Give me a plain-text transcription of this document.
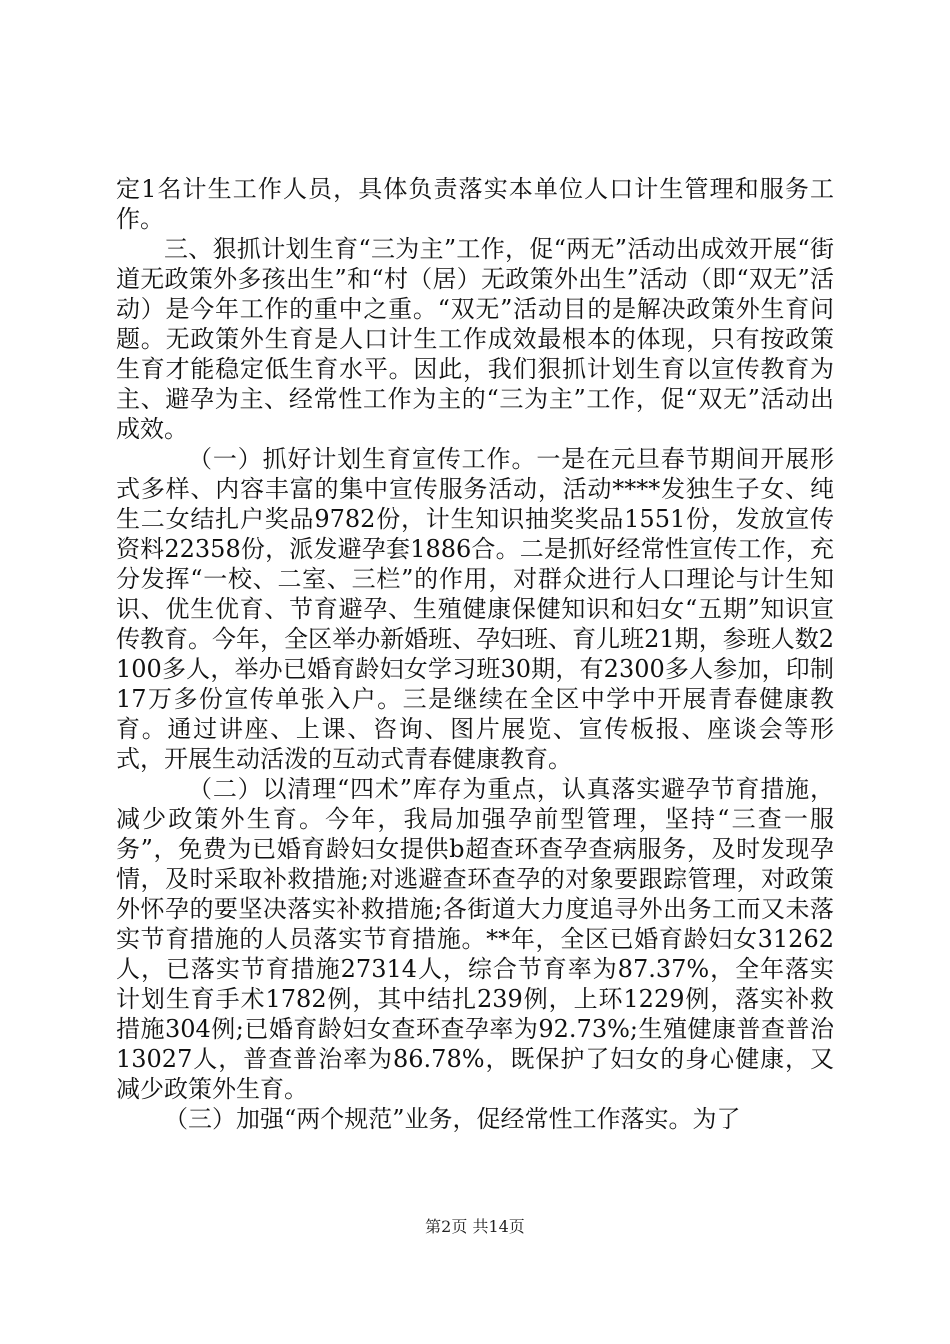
定1名计生工作人员，具体负责落实本单位人口计生管理和服务工作。

三、狠抓计划生育“三为主”工作，促“两无”活动出成效开展“街道无政策外多孩出生”和“村（居）无政策外出生”活动（即“双无”活动）是今年工作的重中之重。“双无”活动目的是解决政策外生育问题。无政策外生育是人口计生工作成效最根本的体现，只有按政策生育才能稳定低生育水平。因此，我们狠抓计划生育以宣传教育为主、避孕为主、经常性工作为主的“三为主”工作，促“双无”活动出成效。

（一）抓好计划生育宣传工作。一是在元旦春节期间开展形式多样、内容丰富的集中宣传服务活动，活动****发独生子女、纯生二女结扎户奖品9782份，计生知识抽奖奖品1551份，发放宣传资料22358份，派发避孕套1886合。二是抓好经常性宣传工作，充分发挥“一校、二室、三栏”的作用，对群众进行人口理论与计生知识、优生优育、节育避孕、生殖健康保健知识和妇女“五期”知识宣传教育。今年，全区举办新婚班、孕妇班、育儿班21期，参班人数2100多人，举办已婚育龄妇女学习班30期，有2300多人参加，印制17万多份宣传单张入户。三是继续在全区中学中开展青春健康教育。通过讲座、上课、咨询、图片展览、宣传板报、座谈会等形式，开展生动活泼的互动式青春健康教育。

（二）以清理“四术”库存为重点，认真落实避孕节育措施，减少政策外生育。今年，我局加强孕前型管理，坚持“三查一服务”，免费为已婚育龄妇女提供b超查环查孕查病服务，及时发现孕情，及时采取补救措施;对逃避查环查孕的对象要跟踪管理，对政策外怀孕的要坚决落实补救措施;各街道大力度追寻外出务工而又未落实节育措施的人员落实节育措施。**年，全区已婚育龄妇女31262人，已落实节育措施27314人，综合节育率为87.37%，全年落实计划生育手术1782例，其中结扎239例，上环1229例，落实补救措施304例;已婚育龄妇女查环查孕率为92.73%;生殖健康普查普治13027人，普查普治率为86.78%，既保护了妇女的身心健康，又减少政策外生育。

（三）加强“两个规范”业务，促经常性工作落实。为了

第2页 共14页
